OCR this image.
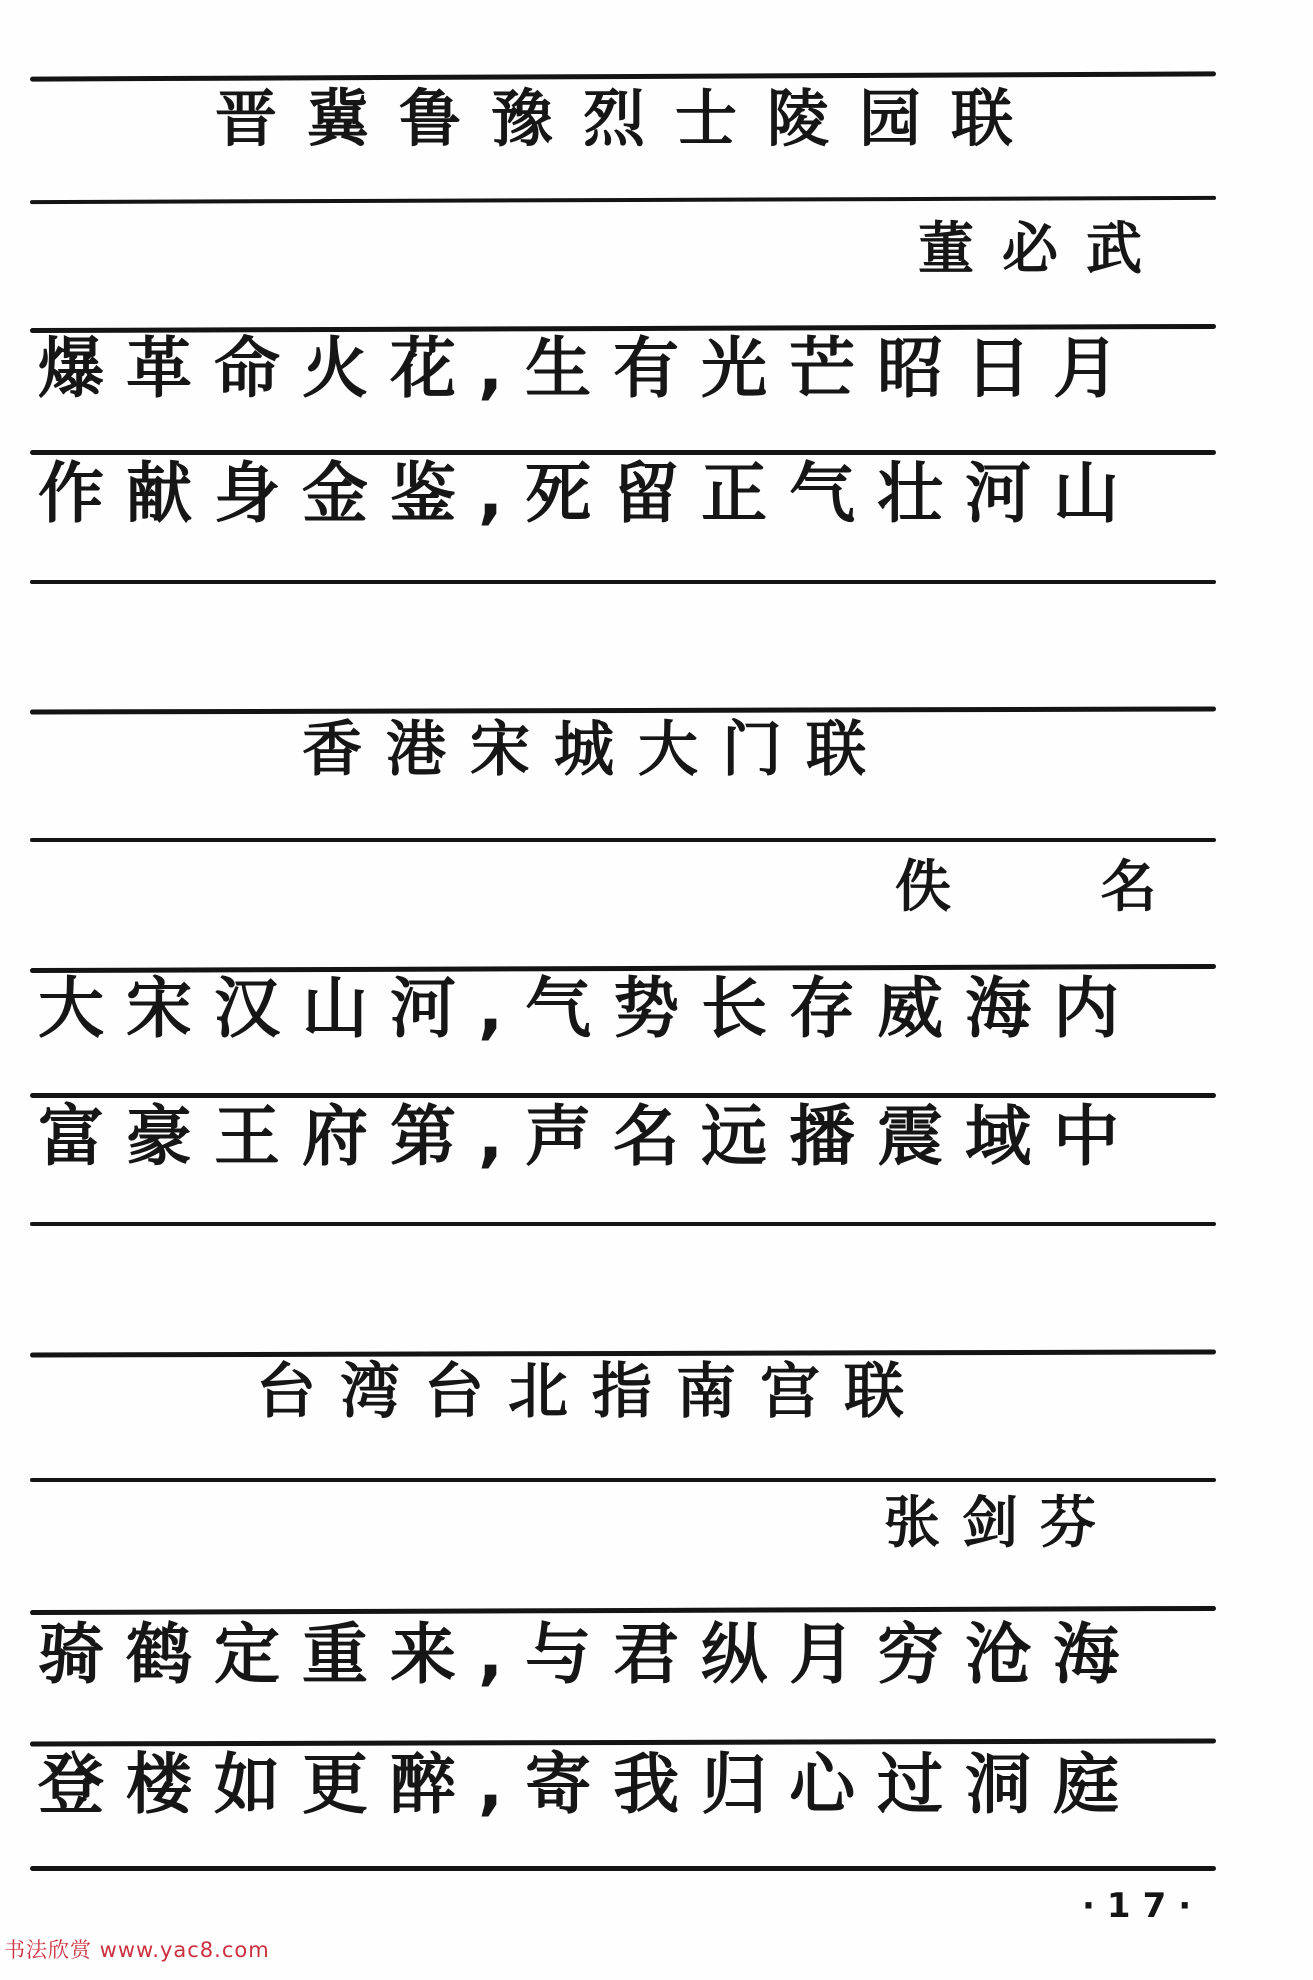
晋冀鲁豫烈士陵园联
董必武
爆革命火花,生有光芒昭日月
作献身金鉴,死留正气壮河山
香港宋城大门联
佚 名
大宋汉山河,气势长存威海内
富豪王府第,声名远播震域中
台湾台北指南宫联
张剑芬
骑鹤定重来,与君纵月穷沧海
登楼如更醉,寄我归心过洞庭
·17·
书法欣赏 www.yac8.com
